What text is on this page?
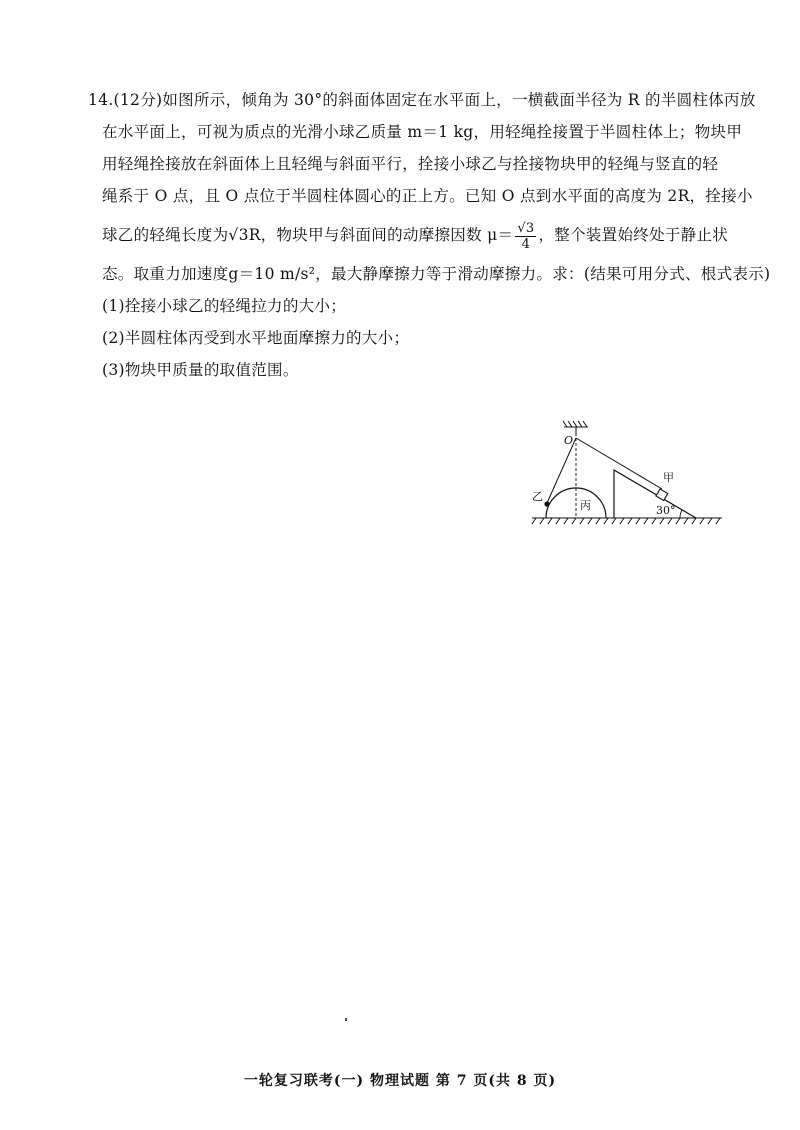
14.(12分)如图所示，倾角为 30°的斜面体固定在水平面上，一横截面半径为 R 的半圆柱体丙放
在水平面上，可视为质点的光滑小球乙质量 m＝1 kg，用轻绳拴接置于半圆柱体上；物块甲
用轻绳拴接放在斜面体上且轻绳与斜面平行，拴接小球乙与拴接物块甲的轻绳与竖直的轻
绳系于 O 点，且 O 点位于半圆柱体圆心的正上方。已知 O 点到水平面的高度为 2R，拴接小
球乙的轻绳长度为√3R，物块甲与斜面间的动摩擦因数 $\mu= \frac{√3}{4}$ ，整个装置始终处于静止状
态。取重力加速度g＝10 m/s²，最大静摩擦力等于滑动摩擦力。求：(结果可用分式、根式表示)
(1)拴接小球乙的轻绳拉力的大小；
(2)半圆柱体丙受到水平地面摩擦力的大小；
(3)物块甲质量的取值范围。
O
甲
乙
丙	30°
一轮复习联考(一) 物理试题 第 7 页(共 8 页)
